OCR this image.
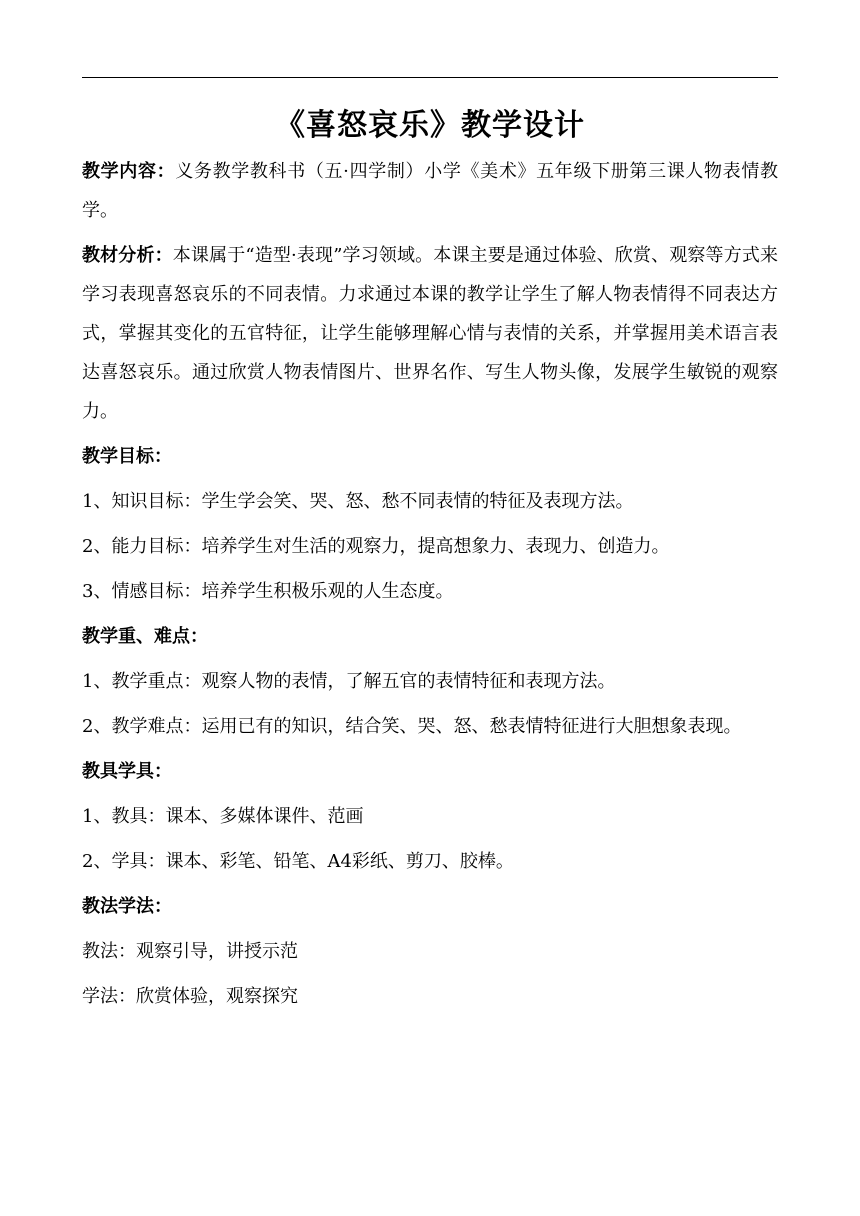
《喜怒哀乐》教学设计

教学内容：义务教学教科书（五·四学制）小学《美术》五年级下册第三课人物表情教学。

教材分析：本课属于“造型·表现”学习领域。本课主要是通过体验、欣赏、观察等方式来学习表现喜怒哀乐的不同表情。力求通过本课的教学让学生了解人物表情得不同表达方式，掌握其变化的五官特征，让学生能够理解心情与表情的关系，并掌握用美术语言表达喜怒哀乐。通过欣赏人物表情图片、世界名作、写生人物头像，发展学生敏锐的观察力。

教学目标：

1、知识目标：学生学会笑、哭、怒、愁不同表情的特征及表现方法。

2、能力目标：培养学生对生活的观察力，提高想象力、表现力、创造力。

3、情感目标：培养学生积极乐观的人生态度。

教学重、难点：

1、教学重点：观察人物的表情，了解五官的表情特征和表现方法。

2、教学难点：运用已有的知识，结合笑、哭、怒、愁表情特征进行大胆想象表现。

教具学具：

1、教具：课本、多媒体课件、范画

2、学具：课本、彩笔、铅笔、A4彩纸、剪刀、胶棒。

教法学法：

教法：观察引导，讲授示范

学法：欣赏体验，观察探究
